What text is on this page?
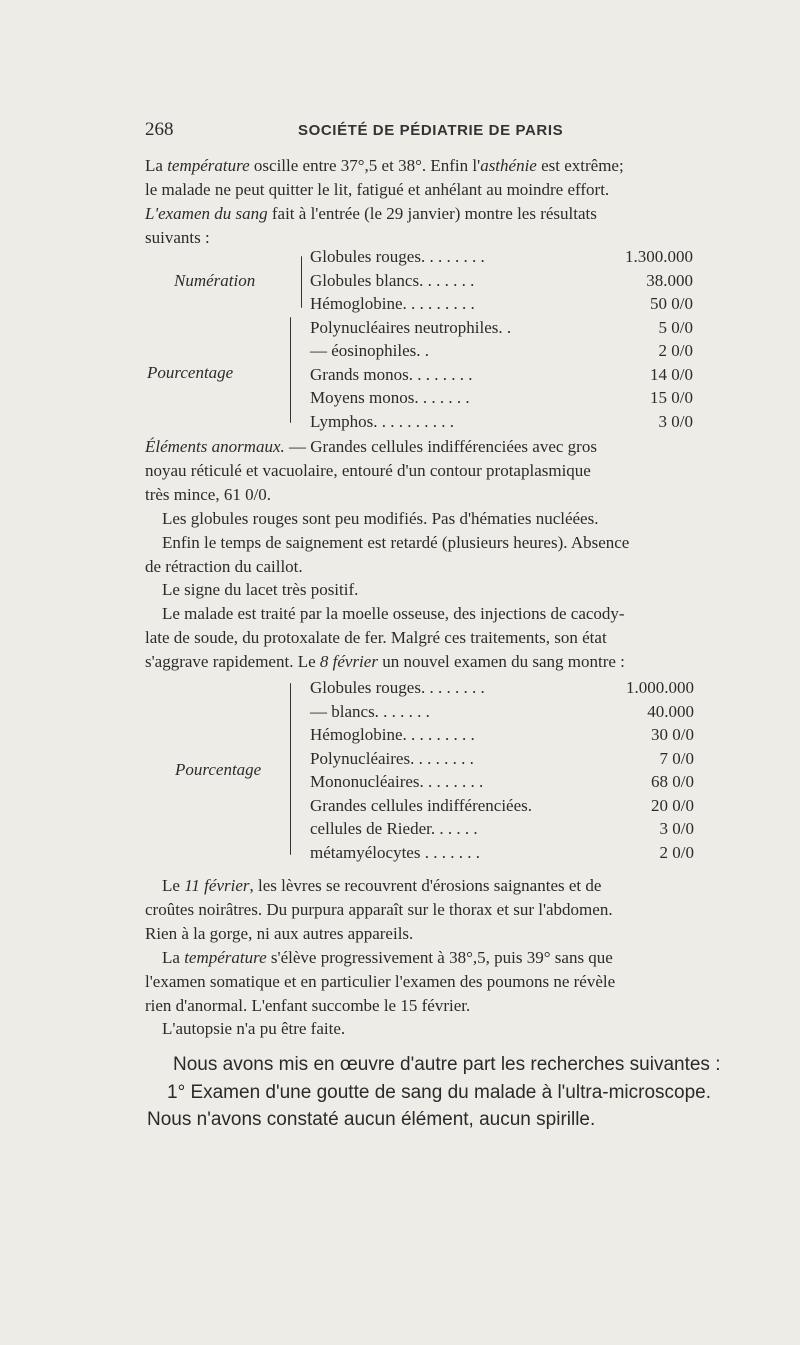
268	SOCIÉTÉ DE PÉDIATRIE DE PARIS
La température oscille entre 37°,5 et 38°. Enfin l'asthénie est extrême;
le malade ne peut quitter le lit, fatigué et anhélant au moindre effort.
L'examen du sang fait à l'entrée (le 29 janvier) montre les résultats
suivants :
Numération
Pourcentage
Globules rouges. . . . . . . .	1.300.000
Globules blancs. . . . . . .	38.000
Hémoglobine. . . . . . . . .	50 0/0
Polynucléaires neutrophiles. .	5 0/0
— éosinophiles. .	2 0/0
Grands monos. . . . . . . .	14 0/0
Moyens monos. . . . . . .	15 0/0
Lymphos. . . . . . . . . .	3 0/0
Éléments anormaux. — Grandes cellules indifférenciées avec gros
noyau réticulé et vacuolaire, entouré d'un contour protaplasmique
très mince, 61 0/0.
Les globules rouges sont peu modifiés. Pas d'hématies nucléées.
Enfin le temps de saignement est retardé (plusieurs heures). Absence
de rétraction du caillot.
Le signe du lacet très positif.
Le malade est traité par la moelle osseuse, des injections de cacody-
late de soude, du protoxalate de fer. Malgré ces traitements, son état
s'aggrave rapidement. Le 8 février un nouvel examen du sang montre :
Pourcentage
Globules rouges. . . . . . . .	1.000.000
— blancs. . . . . . .	40.000
Hémoglobine. . . . . . . . .	30 0/0
Polynucléaires. . . . . . . .	7 0/0
Mononucléaires. . . . . . . .	68 0/0
Grandes cellules indifférenciées.	20 0/0
cellules de Rieder. . . . . .	3 0/0
métamyélocytes . . . . . . .	2 0/0
Le 11 février, les lèvres se recouvrent d'érosions saignantes et de
croûtes noirâtres. Du purpura apparaît sur le thorax et sur l'abdomen.
Rien à la gorge, ni aux autres appareils.
La température s'élève progressivement à 38°,5, puis 39° sans que
l'examen somatique et en particulier l'examen des poumons ne révèle
rien d'anormal. L'enfant succombe le 15 février.
L'autopsie n'a pu être faite.
Nous avons mis en œuvre d'autre part les recherches suivantes :
1° Examen d'une goutte de sang du malade à l'ultra-microscope.
Nous n'avons constaté aucun élément, aucun spirille.
